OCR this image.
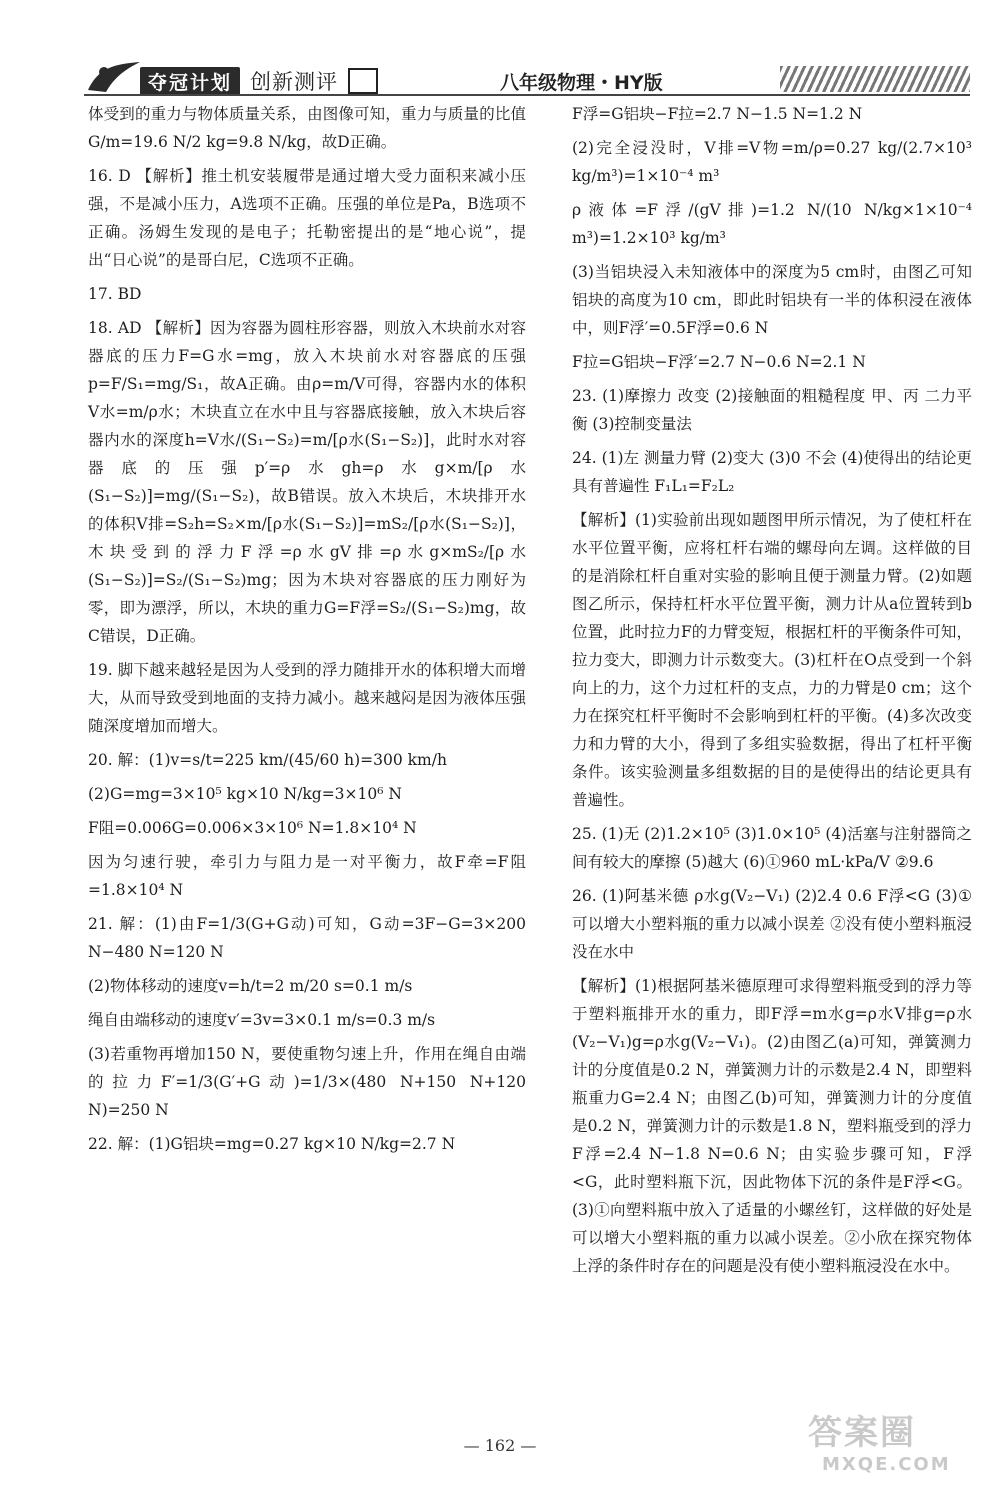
夺冠计划 创新测评	八年级物理・HY版

体受到的重力与物体质量关系，由图像可知，重力与质量的比值G/m=19.6 N/2 kg=9.8 N/kg，故D正确。

16. D 【解析】推土机安装履带是通过增大受力面积来减小压强，不是减小压力，A选项不正确。压强的单位是Pa，B选项不正确。汤姆生发现的是电子；托勒密提出的是“地心说”，提出“日心说”的是哥白尼，C选项不正确。

17. BD

18. AD 【解析】因为容器为圆柱形容器，则放入木块前水对容器底的压力F=G水=mg，放入木块前水对容器底的压强p=F/S₁=mg/S₁，故A正确。由ρ=m/V可得，容器内水的体积V水=m/ρ水；木块直立在水中且与容器底接触，放入木块后容器内水的深度h=V水/(S₁−S₂)=m/[ρ水(S₁−S₂)]，此时水对容器底的压强p′=ρ水gh=ρ水g×m/[ρ水(S₁−S₂)]=mg/(S₁−S₂)，故B错误。放入木块后，木块排开水的体积V排=S₂h=S₂×m/[ρ水(S₁−S₂)]=mS₂/[ρ水(S₁−S₂)]，木块受到的浮力F浮=ρ水gV排=ρ水g×mS₂/[ρ水(S₁−S₂)]=S₂/(S₁−S₂)mg；因为木块对容器底的压力刚好为零，即为漂浮，所以，木块的重力G=F浮=S₂/(S₁−S₂)mg，故C错误，D正确。

19. 脚下越来越轻是因为人受到的浮力随排开水的体积增大而增大，从而导致受到地面的支持力减小。越来越闷是因为液体压强随深度增加而增大。

20. 解：(1)v=s/t=225 km/(45/60 h)=300 km/h

(2)G=mg=3×10⁵ kg×10 N/kg=3×10⁶ N

F阻=0.006G=0.006×3×10⁶ N=1.8×10⁴ N

因为匀速行驶，牵引力与阻力是一对平衡力，故F牵=F阻=1.8×10⁴ N

21. 解：(1)由F=1/3(G+G动)可知，G动=3F−G=3×200 N−480 N=120 N

(2)物体移动的速度v=h/t=2 m/20 s=0.1 m/s

绳自由端移动的速度v′=3v=3×0.1 m/s=0.3 m/s

(3)若重物再增加150 N，要使重物匀速上升，作用在绳自由端的拉力F′=1/3(G′+G动)=1/3×(480 N+150 N+120 N)=250 N

22. 解：(1)G铝块=mg=0.27 kg×10 N/kg=2.7 N

F浮=G铝块−F拉=2.7 N−1.5 N=1.2 N

(2)完全浸没时，V排=V物=m/ρ=0.27 kg/(2.7×10³ kg/m³)=1×10⁻⁴ m³

ρ液体=F浮/(gV排)=1.2 N/(10 N/kg×1×10⁻⁴ m³)=1.2×10³ kg/m³

(3)当铝块浸入未知液体中的深度为5 cm时，由图乙可知铝块的高度为10 cm，即此时铝块有一半的体积浸在液体中，则F浮′=0.5F浮=0.6 N

F拉=G铝块−F浮′=2.7 N−0.6 N=2.1 N

23. (1)摩擦力 改变 (2)接触面的粗糙程度 甲、丙 二力平衡 (3)控制变量法

24. (1)左 测量力臂 (2)变大 (3)0 不会 (4)使得出的结论更具有普遍性 F₁L₁=F₂L₂

【解析】(1)实验前出现如题图甲所示情况，为了使杠杆在水平位置平衡，应将杠杆右端的螺母向左调。这样做的目的是消除杠杆自重对实验的影响且便于测量力臂。(2)如题图乙所示，保持杠杆水平位置平衡，测力计从a位置转到b位置，此时拉力F的力臂变短，根据杠杆的平衡条件可知，拉力变大，即测力计示数变大。(3)杠杆在O点受到一个斜向上的力，这个力过杠杆的支点，力的力臂是0 cm；这个力在探究杠杆平衡时不会影响到杠杆的平衡。(4)多次改变力和力臂的大小，得到了多组实验数据，得出了杠杆平衡条件。该实验测量多组数据的目的是使得出的结论更具有普遍性。

25. (1)无 (2)1.2×10⁵ (3)1.0×10⁵ (4)活塞与注射器筒之间有较大的摩擦 (5)越大 (6)①960 mL·kPa/V ②9.6

26. (1)阿基米德 ρ水g(V₂−V₁) (2)2.4 0.6 F浮<G (3)①可以增大小塑料瓶的重力以减小误差 ②没有使小塑料瓶浸没在水中

【解析】(1)根据阿基米德原理可求得塑料瓶受到的浮力等于塑料瓶排开水的重力，即F浮=m水g=ρ水V排g=ρ水(V₂−V₁)g=ρ水g(V₂−V₁)。(2)由图乙(a)可知，弹簧测力计的分度值是0.2 N，弹簧测力计的示数是2.4 N，即塑料瓶重力G=2.4 N；由图乙(b)可知，弹簧测力计的分度值是0.2 N，弹簧测力计的示数是1.8 N，塑料瓶受到的浮力F浮=2.4 N−1.8 N=0.6 N；由实验步骤可知，F浮<G，此时塑料瓶下沉，因此物体下沉的条件是F浮<G。(3)①向塑料瓶中放入了适量的小螺丝钉，这样做的好处是可以增大小塑料瓶的重力以减小误差。②小欣在探究物体上浮的条件时存在的问题是没有使小塑料瓶浸没在水中。

— 162 —	答案圈
MXQE.COM
